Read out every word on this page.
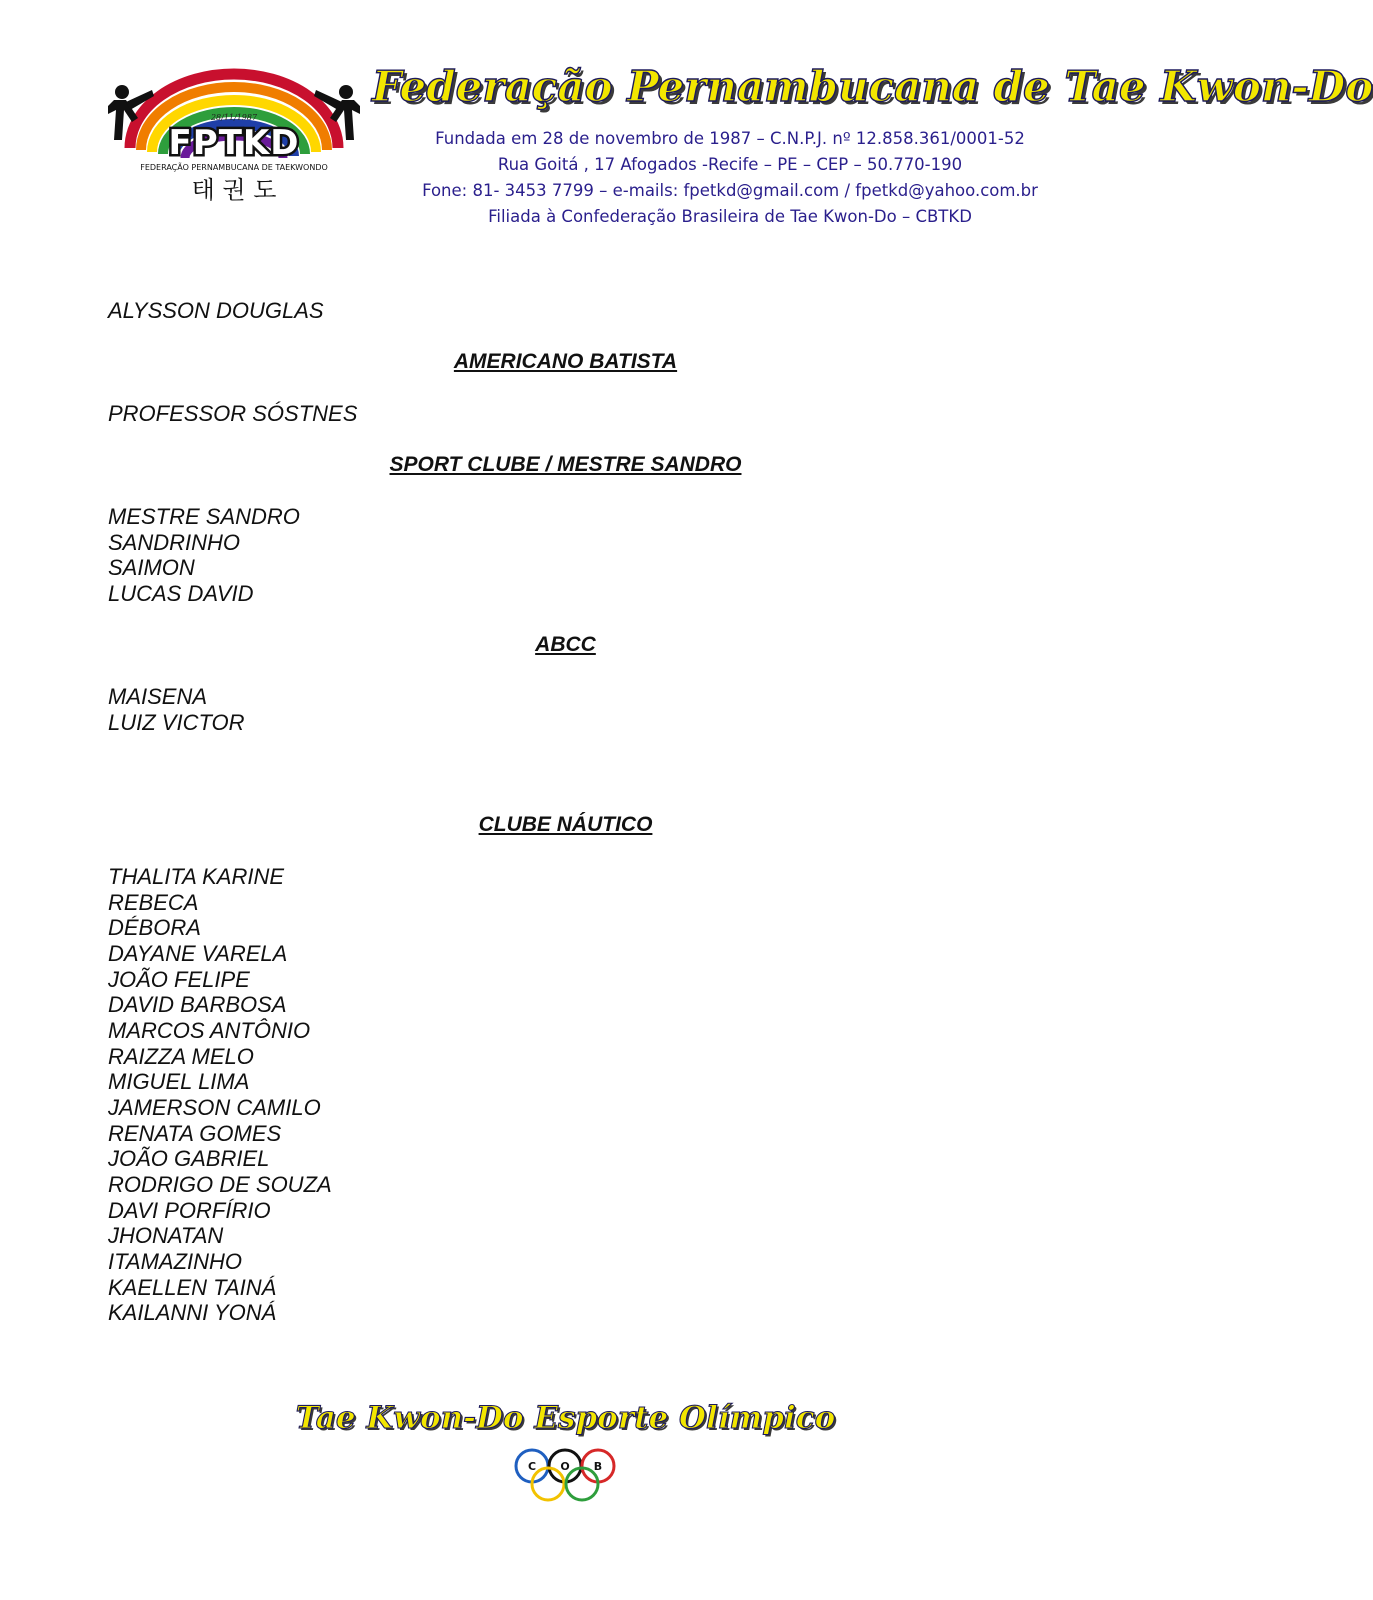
28/11/1987
FPTKD
FEDERAÇÃO PERNAMBUCANA DE TAEKWONDO
태 권 도
Federação Pernambucana de Tae Kwon-Do
Fundada em 28 de novembro de 1987 – C.N.P.J. nº 12.858.361/0001-52
Rua Goitá , 17 Afogados -Recife – PE – CEP – 50.770-190
Fone: 81- 3453 7799 – e-mails: fpetkd@gmail.com / fpetkd@yahoo.com.br
Filiada à Confederação Brasileira de Tae Kwon-Do – CBTKD
ALYSSON DOUGLAS
AMERICANO BATISTA
PROFESSOR SÓSTNES
SPORT CLUBE / MESTRE SANDRO
MESTRE SANDRO
SANDRINHO
SAIMON
LUCAS DAVID
ABCC
MAISENA
LUIZ VICTOR
CLUBE NÁUTICO
THALITA KARINE
REBECA
DÉBORA
DAYANE VARELA
JOÃO FELIPE
DAVID BARBOSA
MARCOS ANTÔNIO
RAIZZA MELO
MIGUEL LIMA
JAMERSON CAMILO
RENATA GOMES
JOÃO GABRIEL
RODRIGO DE SOUZA
DAVI PORFÍRIO
JHONATAN
ITAMAZINHO
KAELLEN TAINÁ
KAILANNI YONÁ
Tae Kwon-Do Esporte Olímpico
C O B
